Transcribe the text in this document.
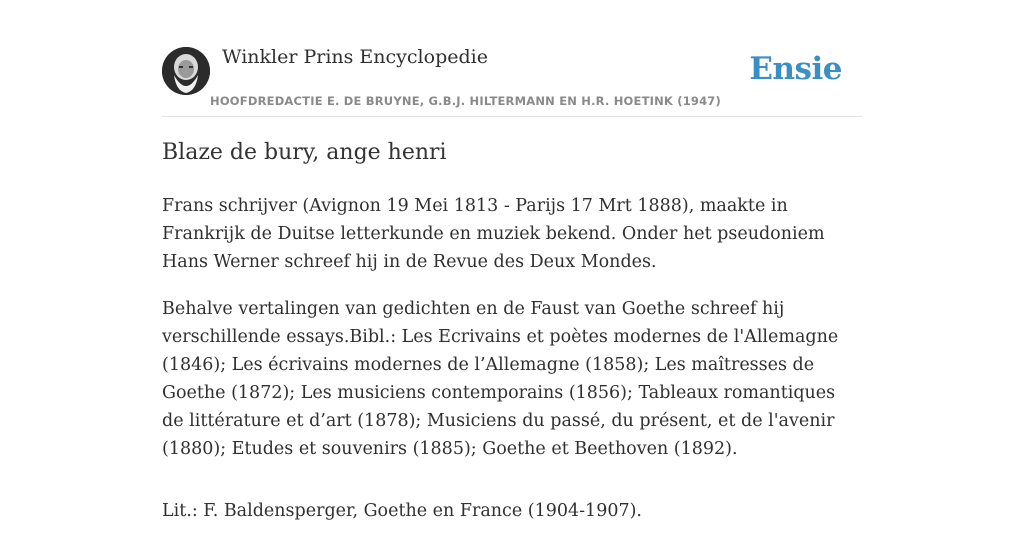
Winkler Prins Encyclopedie
HOOFDREDACTIE E. DE BRUYNE, G.B.J. HILTERMANN EN H.R. HOETINK (1947)
Ensie
Blaze de bury, ange henri

Frans schrijver (Avignon 19 Mei 1813 - Parijs 17 Mrt 1888), maakte in Frankrijk de Duitse letterkunde en muziek bekend. Onder het pseudoniem Hans Werner schreef hij in de Revue des Deux Mondes.

Behalve vertalingen van gedichten en de Faust van Goethe schreef hij verschillende essays.Bibl.: Les Ecrivains et poètes modernes de l'Allemagne (1846); Les écrivains modernes de l’Allemagne (1858); Les maîtresses de Goethe (1872); Les musiciens contemporains (1856); Tableaux romantiques de littérature et d’art (1878); Musiciens du passé, du présent, et de l'avenir (1880); Etudes et souvenirs (1885); Goethe et Beethoven (1892).

Lit.: F. Baldensperger, Goethe en France (1904-1907).
